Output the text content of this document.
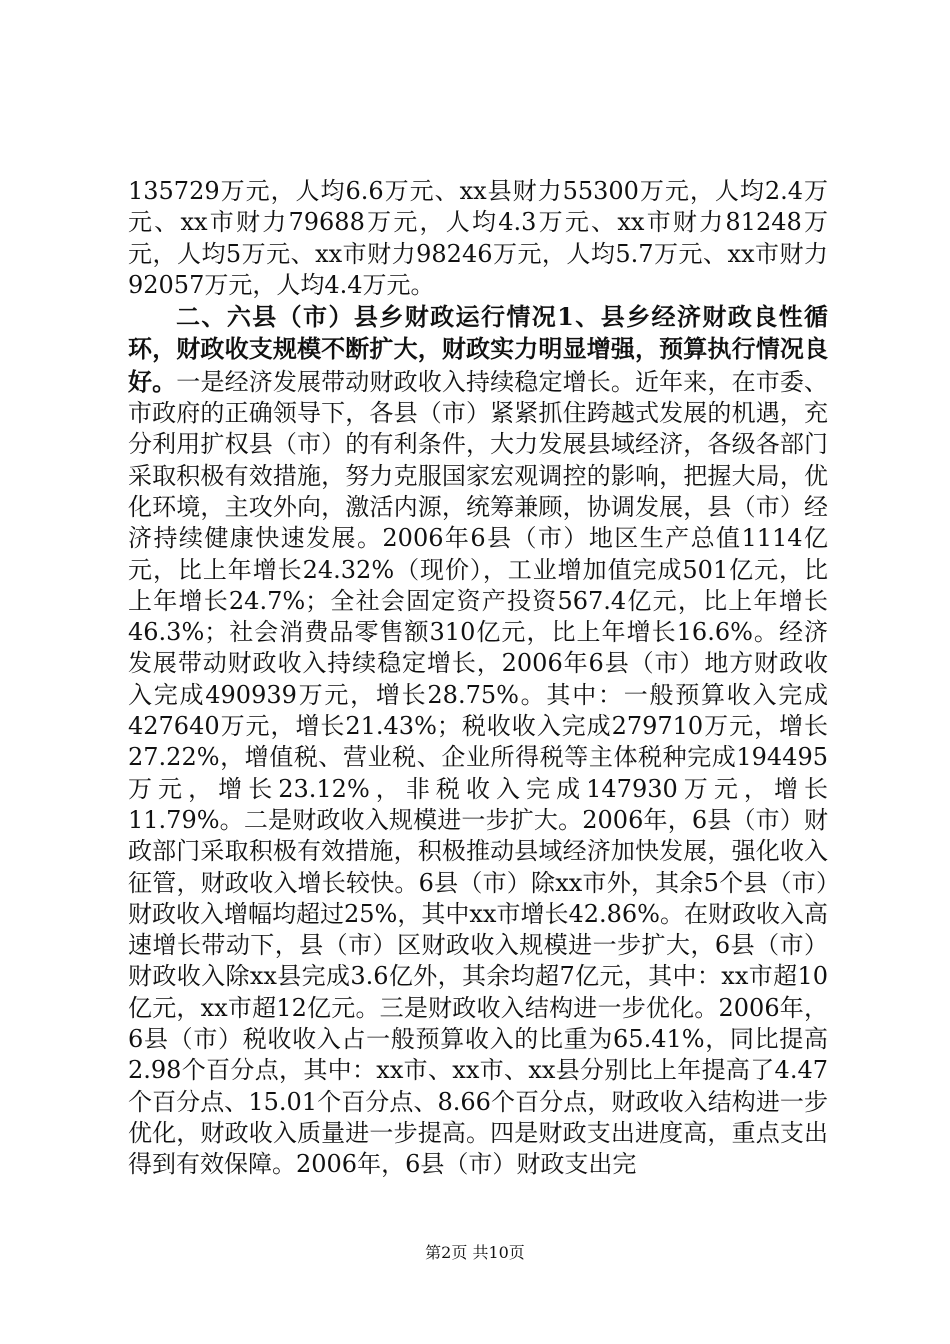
135729万元，人均6.6万元、xx县财力55300万元，人均2.4万元、xx市财力79688万元，人均4.3万元、xx市财力81248万元，人均5万元、xx市财力98246万元，人均5.7万元、xx市财力92057万元，人均4.4万元。

二、六县（市）县乡财政运行情况1、县乡经济财政良性循环，财政收支规模不断扩大，财政实力明显增强，预算执行情况良好。一是经济发展带动财政收入持续稳定增长。近年来，在市委、市政府的正确领导下，各县（市）紧紧抓住跨越式发展的机遇，充分利用扩权县（市）的有利条件，大力发展县域经济，各级各部门采取积极有效措施，努力克服国家宏观调控的影响，把握大局，优化环境，主攻外向，激活内源，统筹兼顾，协调发展，县（市）经济持续健康快速发展。2006年6县（市）地区生产总值1114亿元，比上年增长24.32%（现价），工业增加值完成501亿元，比上年增长24.7%；全社会固定资产投资567.4亿元，比上年增长46.3%；社会消费品零售额310亿元，比上年增长16.6%。经济发展带动财政收入持续稳定增长，2006年6县（市）地方财政收入完成490939万元，增长28.75%。其中：一般预算收入完成427640万元，增长21.43%；税收收入完成279710万元，增长27.22%，增值税、营业税、企业所得税等主体税种完成194495万元，增长23.12%，非税收入完成147930万元，增长11.79%。二是财政收入规模进一步扩大。2006年，6县（市）财政部门采取积极有效措施，积极推动县域经济加快发展，强化收入征管，财政收入增长较快。6县（市）除xx市外，其余5个县（市）财政收入增幅均超过25%，其中xx市增长42.86%。在财政收入高速增长带动下，县（市）区财政收入规模进一步扩大，6县（市）财政收入除xx县完成3.6亿外，其余均超7亿元，其中：xx市超10亿元，xx市超12亿元。三是财政收入结构进一步优化。2006年，6县（市）税收收入占一般预算收入的比重为65.41%，同比提高2.98个百分点，其中：xx市、xx市、xx县分别比上年提高了4.47个百分点、15.01个百分点、8.66个百分点，财政收入结构进一步优化，财政收入质量进一步提高。四是财政支出进度高，重点支出得到有效保障。2006年，6县（市）财政支出完

第2页 共10页
